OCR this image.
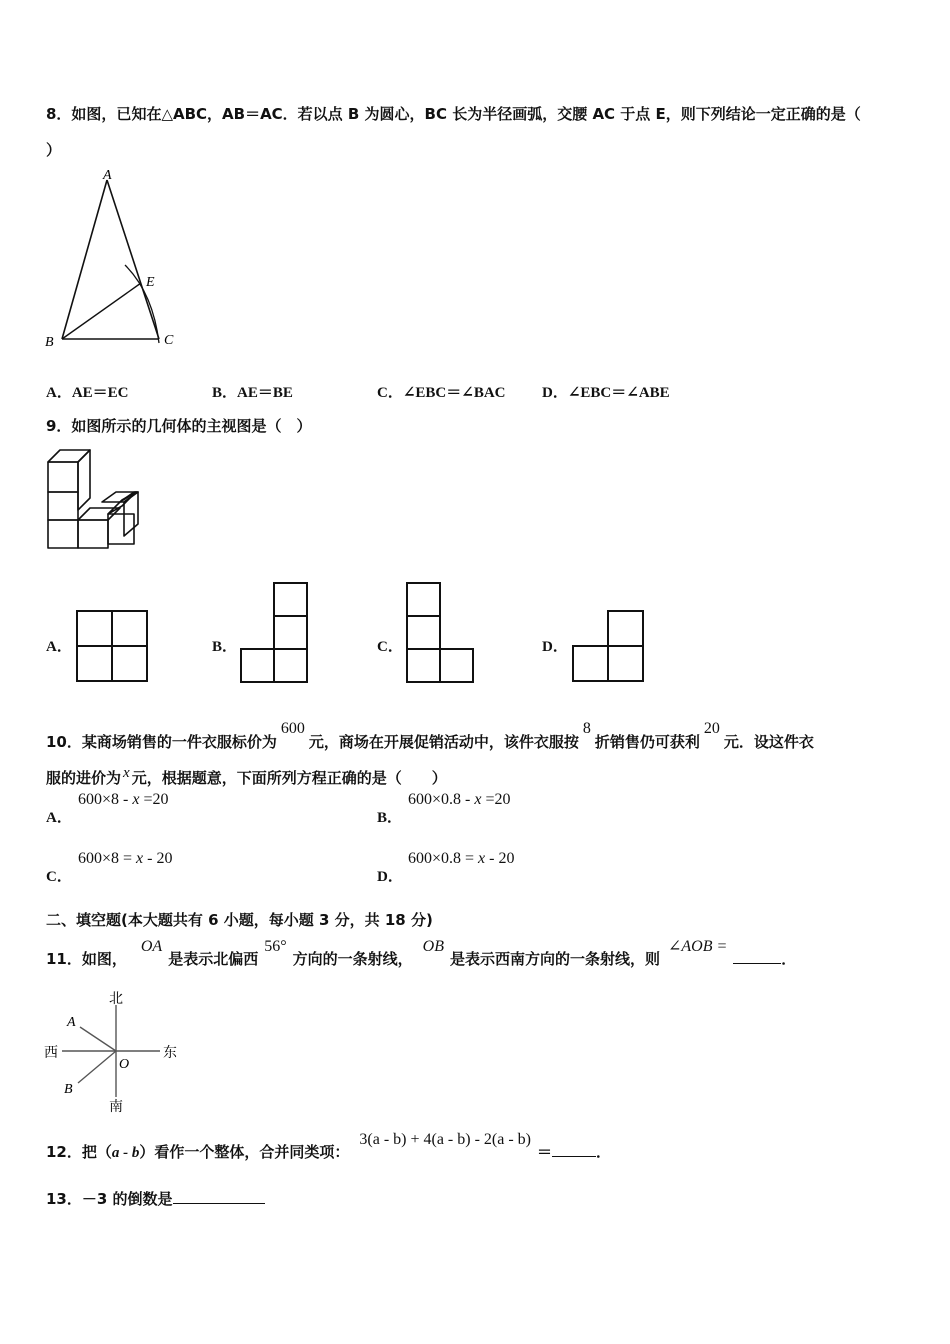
8．如图，已知在△ABC，AB＝AC．若以点 B 为圆心，BC 长为半径画弧，交腰 AC 于点 E，则下列结论一定正确的是（
）
A
B	C
E
A．AE＝EC	B．AE＝BE	C．∠EBC＝∠BAC D．∠EBC＝∠ABE
9．如图所示的几何体的主视图是（　）
A．	B．	C．	D．
10．某商场销售的一件衣服标价为600元，商场在开展促销活动中，该件衣服按8折销售仍可获利20元．设这件衣
服的进价为 x 元，根据题意，下面所列方程正确的是（　　）
A．
600×8 - x =20
B．
600×0.8 - x =20
C．
600×8 = x - 20
D．
600×0.8 = x - 20
二、填空题(本大题共有 6 小题，每小题 3 分，共 18 分)
11．如图，OA是表示北偏西56°方向的一条射线，OB是表示西南方向的一条射线，则∠AOB =．
北
南
东
西
A
B
O
12．把（a - b）看作一个整体，合并同类项：3(a - b) + 4(a - b) - 2(a - b)＝	．
13．－3 的倒数是
